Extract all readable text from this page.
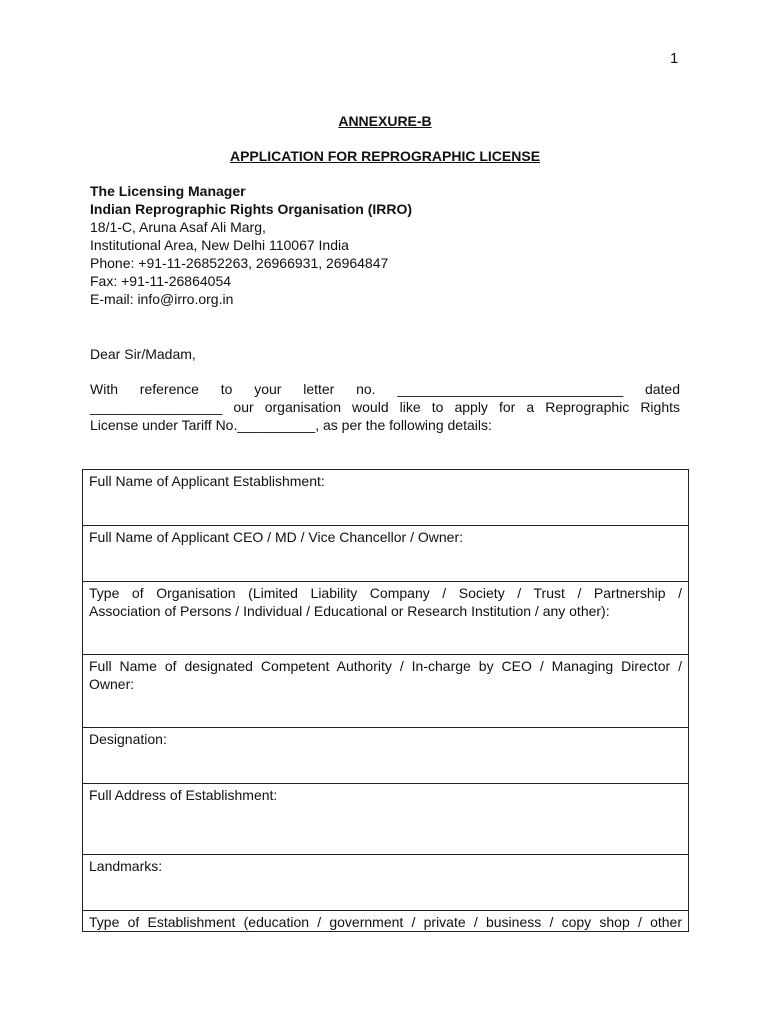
1
ANNEXURE-B
APPLICATION FOR REPROGRAPHIC LICENSE
The Licensing Manager
Indian Reprographic Rights Organisation (IRRO)
18/1-C, Aruna Asaf Ali Marg,
Institutional Area, New Delhi 110067 India
Phone: +91-11-26852263, 26966931, 26964847
Fax: +91-11-26864054
E-mail: info@irro.org.in
Dear Sir/Madam,
With reference to your letter no. _____________________________ dated
_________________ our organisation would like to apply for a Reprographic Rights
License under Tariff No.__________, as per the following details:
Full Name of Applicant Establishment:
Full Name of Applicant CEO / MD / Vice Chancellor / Owner:

Type of Organisation (Limited Liability Company / Society / Trust / Partnership /
Association of Persons / Individual / Educational or Research Institution / any other):

Full Name of designated Competent Authority / In-charge by CEO / Managing Director /
Owner:

Designation:
Full Address of Establishment:
Landmarks:

Type of Establishment (education / government / private / business / copy shop / other
